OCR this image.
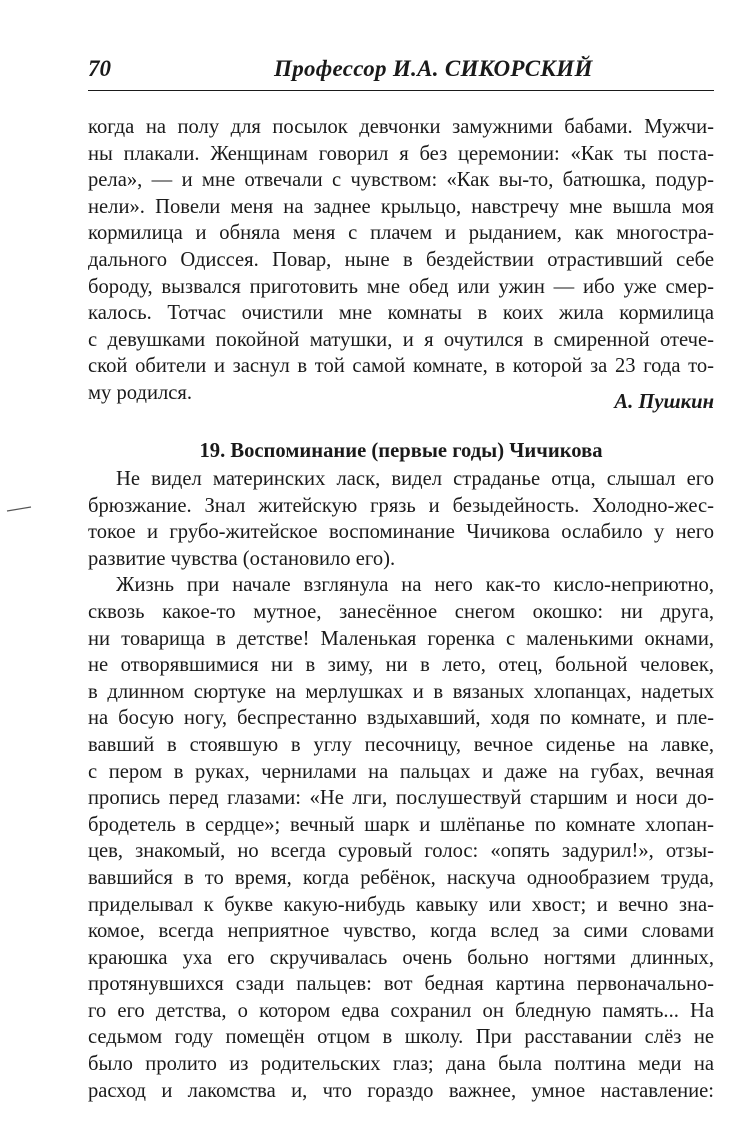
70	Профессор И.А. СИКОРСКИЙ
когда на полу для посылок девчонки замужними бабами. Мужчи-
ны плакали. Женщинам говорил я без церемонии: «Как ты поста-
рела», — и мне отвечали с чувством: «Как вы-то, батюшка, подур-
нели». Повели меня на заднее крыльцо, навстречу мне вышла моя
кормилица и обняла меня с плачем и рыданием, как многостра-
дального Одиссея. Повар, ныне в бездействии отрастивший себе
бороду, вызвался приготовить мне обед или ужин — ибо уже смер-
калось. Тотчас очистили мне комнаты в коих жила кормилица
с девушками покойной матушки, и я очутился в смиренной отече-
ской обители и заснул в той самой комнате, в которой за 23 года то-
му родился.	А. Пушкин
19. Воспоминание (первые годы) Чичикова
Не видел материнских ласк, видел страданье отца, слышал его
брюзжание. Знал житейскую грязь и безыдейность. Холодно-жес-
токое и грубо-житейское воспоминание Чичикова ослабило у него
развитие чувства (остановило его).
Жизнь при начале взглянула на него как-то кисло-неприютно,
сквозь какое-то мутное, занесённое снегом окошко: ни друга,
ни товарища в детстве! Маленькая горенка с маленькими окнами,
не отворявшимися ни в зиму, ни в лето, отец, больной человек,
в длинном сюртуке на мерлушках и в вязаных хлопанцах, надетых
на босую ногу, беспрестанно вздыхавший, ходя по комнате, и пле-
вавший в стоявшую в углу песочницу, вечное сиденье на лавке,
с пером в руках, чернилами на пальцах и даже на губах, вечная
пропись перед глазами: «Не лги, послушествуй старшим и носи до-
бродетель в сердце»; вечный шарк и шлёпанье по комнате хлопан-
цев, знакомый, но всегда суровый голос: «опять задурил!», отзы-
вавшийся в то время, когда ребёнок, наскуча однообразием труда,
приделывал к букве какую-нибудь кавыку или хвост; и вечно зна-
комое, всегда неприятное чувство, когда вслед за сими словами
краюшка уха его скручивалась очень больно ногтями длинных,
протянувшихся сзади пальцев: вот бедная картина первоначально-
го его детства, о котором едва сохранил он бледную память... На
седьмом году помещён отцом в школу. При расставании слёз не
было пролито из родительских глаз; дана была полтина меди на
расход и лакомства и, что гораздо важнее, умное наставление:
